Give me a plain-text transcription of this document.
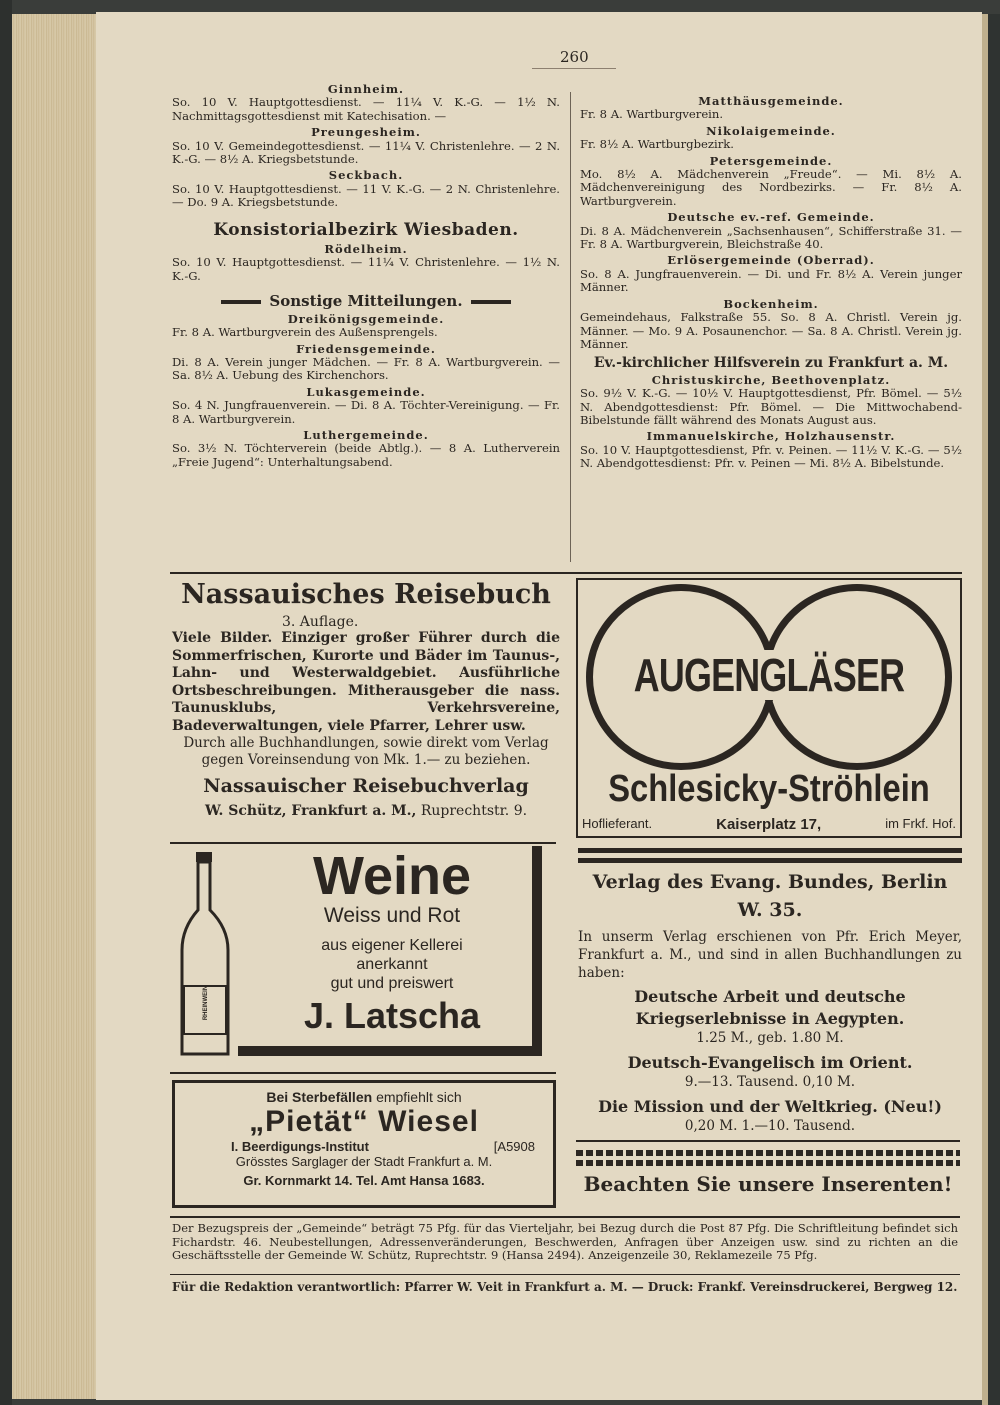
260
Ginnheim.
So. 10 V. Hauptgottesdienst. — 11¼ V. K.-G. — 1½ N. Nachmittagsgottesdienst mit Katechisation. —
Preungesheim.
So. 10 V. Gemeindegottesdienst. — 11¼ V. Christenlehre. — 2 N. K.-G. — 8½ A. Kriegsbetstunde.
Seckbach.
So. 10 V. Hauptgottesdienst. — 11 V. K.-G. — 2 N. Christenlehre. — Do. 9 A. Kriegsbetstunde.
Konsistorialbezirk Wiesbaden.
Rödelheim.
So. 10 V. Hauptgottesdienst. — 11¼ V. Christenlehre. — 1½ N. K.-G.
Sonstige Mitteilungen.
Dreikönigsgemeinde.
Fr. 8 A. Wartburgverein des Außensprengels.
Friedensgemeinde.
Di. 8 A. Verein junger Mädchen. — Fr. 8 A. Wartburgverein. — Sa. 8½ A. Uebung des Kirchenchors.
Lukasgemeinde.
So. 4 N. Jungfrauenverein. — Di. 8 A. Töchter-Vereinigung. — Fr. 8 A. Wartburgverein.
Luthergemeinde.
So. 3½ N. Töchterverein (beide Abtlg.). — 8 A. Lutherverein „Freie Jugend“: Unterhaltungsabend.
Matthäusgemeinde.
Fr. 8 A. Wartburgverein.
Nikolaigemeinde.
Fr. 8½ A. Wartburgbezirk.
Petersgemeinde.
Mo. 8½ A. Mädchenverein „Freude“. — Mi. 8½ A. Mädchenvereinigung des Nordbezirks. — Fr. 8½ A. Wartburgverein.
Deutsche ev.-ref. Gemeinde.
Di. 8 A. Mädchenverein „Sachsenhausen“, Schifferstraße 31. — Fr. 8 A. Wartburgverein, Bleichstraße 40.
Erlösergemeinde (Oberrad).
So. 8 A. Jungfrauenverein. — Di. und Fr. 8½ A. Verein junger Männer.
Bockenheim.
Gemeindehaus, Falkstraße 55. So. 8 A. Christl. Verein jg. Männer. — Mo. 9 A. Posaunenchor. — Sa. 8 A. Christl. Verein jg. Männer.
Ev.-kirchlicher Hilfsverein zu Frankfurt a. M.
Christuskirche, Beethovenplatz.
So. 9½ V. K.-G. — 10½ V. Hauptgottesdienst, Pfr. Bömel. — 5½ N. Abendgottesdienst: Pfr. Bömel. — Die Mittwochabend-Bibelstunde fällt während des Monats August aus.
Immanuelskirche, Holzhausenstr.
So. 10 V. Hauptgottesdienst, Pfr. v. Peinen. — 11½ V. K.-G. — 5½ N. Abendgottesdienst: Pfr. v. Peinen — Mi. 8½ A. Bibelstunde.
Nassauisches Reisebuch
3. Auflage.
Viele Bilder. Einziger großer Führer durch die Sommerfrischen, Kurorte und Bäder im Taunus-, Lahn- und Westerwaldgebiet. Ausführliche Ortsbeschreibungen. Mitherausgeber die nass. Taunusklubs, Verkehrsvereine, Badeverwaltungen, viele Pfarrer, Lehrer usw.
Durch alle Buchhandlungen, sowie direkt vom Verlag gegen Voreinsendung von Mk. 1.— zu beziehen.
Nassauischer Reisebuchverlag
W. Schütz, Frankfurt a. M., Ruprechtstr. 9.
AUGENGLÄSER
Schlesicky-Ströhlein
Hoflieferant.	Kaiserplatz 17,	im Frkf. Hof.
RHEINWEIN
Weine
Weiss und Rot
aus eigener Kellerei
anerkannt
gut und preiswert
J. Latscha
Bei Sterbefällen empfiehlt sich
„Pietät“ Wiesel
I. Beerdigungs-Institut	[A5908
Grösstes Sarglager der Stadt Frankfurt a. M.
Gr. Kornmarkt 14. Tel. Amt Hansa 1683.
Verlag des Evang. Bundes, Berlin W. 35.
In unserm Verlag erschienen von Pfr. Erich Meyer, Frankfurt a. M., und sind in allen Buchhandlungen zu haben:
Deutsche Arbeit und deutsche Kriegserlebnisse in Aegypten.
1.25 M., geb. 1.80 M.
Deutsch-Evangelisch im Orient.
9.—13. Tausend. 0,10 M.
Die Mission und der Weltkrieg. (Neu!)
0,20 M. 1.—10. Tausend.
Beachten Sie unsere Inserenten!
Der Bezugspreis der „Gemeinde“ beträgt 75 Pfg. für das Vierteljahr, bei Bezug durch die Post 87 Pfg. Die Schriftleitung befindet sich Fichardstr. 46. Neubestellungen, Adressenveränderungen, Beschwerden, Anfragen über Anzeigen usw. sind zu richten an die Geschäftsstelle der Gemeinde W. Schütz, Ruprechtstr. 9 (Hansa 2494). Anzeigenzeile 30, Reklamezeile 75 Pfg.
Für die Redaktion verantwortlich: Pfarrer W. Veit in Frankfurt a. M. — Druck: Frankf. Vereinsdruckerei, Bergweg 12.
